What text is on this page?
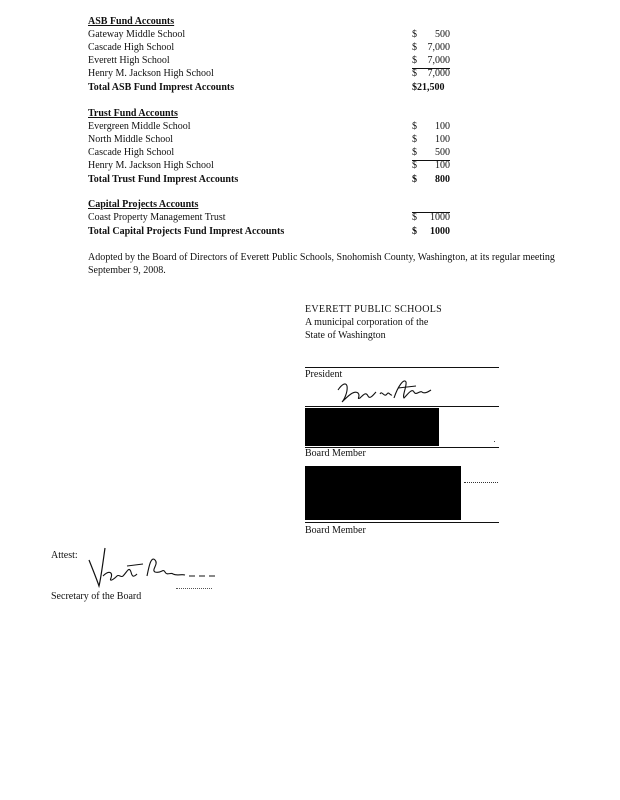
ASB Fund Accounts
Gateway Middle School	$ 500
Cascade High School	$ 7,000
Everett High School	$ 7,000
Henry M. Jackson High School	$ 7,000
Total ASB Fund Imprest Accounts	$21,500
Trust Fund Accounts
Evergreen Middle School	$ 100
North Middle School	$ 100
Cascade High School	$ 500
Henry M. Jackson High School	$ 100
Total Trust Fund Imprest Accounts	$ 800
Capital Projects Accounts
Coast Property Management Trust	$ 1000
Total Capital Projects Fund Imprest Accounts	$ 1000
Adopted by the Board of Directors of Everett Public Schools, Snohomish County, Washington, at its regular meeting September 9, 2008.
EVERETT PUBLIC SCHOOLS
A municipal corporation of the
State of Washington
President
Board Member
Board Member
Attest:
Secretary of the Board
